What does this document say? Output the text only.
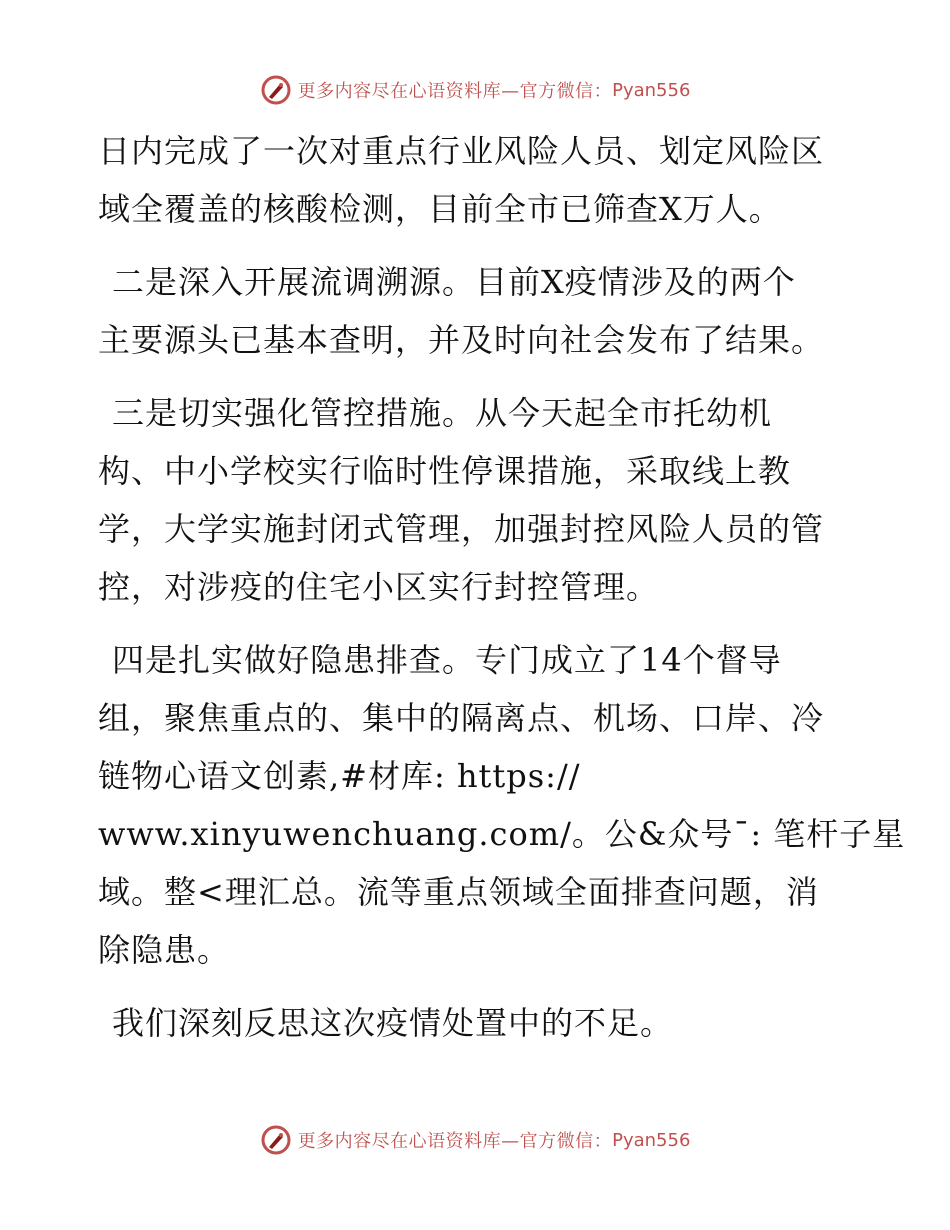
更多内容尽在心语资料库 —官方微信： Pyan556
日内完成了一次对重点行业风险人员、划定风险区
域全覆盖的核酸检测，目前全市已筛查X万人。
二是深入开展流调溯源。目前X疫情涉及的两个
主要源头已基本查明，并及时向社会发布了结果。
三是切实强化管控措施。从今天起全市托幼机
构、中小学校实行临时性停课措施，采取线上教
学，大学实施封闭式管理，加强封控风险人员的管
控，对涉疫的住宅小区实行封控管理。
四是扎实做好隐患排查。专门成立了14个督导
组，聚焦重点的、集中的隔离点、机场、口岸、冷
链物心语文创素,#材库: https://
www.xinyuwenchuang.com/。公&众号¯: 笔杆子星
域。整<理汇总。流等重点领域全面排查问题，消
除隐患。
我们深刻反思这次疫情处置中的不足。
更多内容尽在心语资料库 —官方微信： Pyan556
